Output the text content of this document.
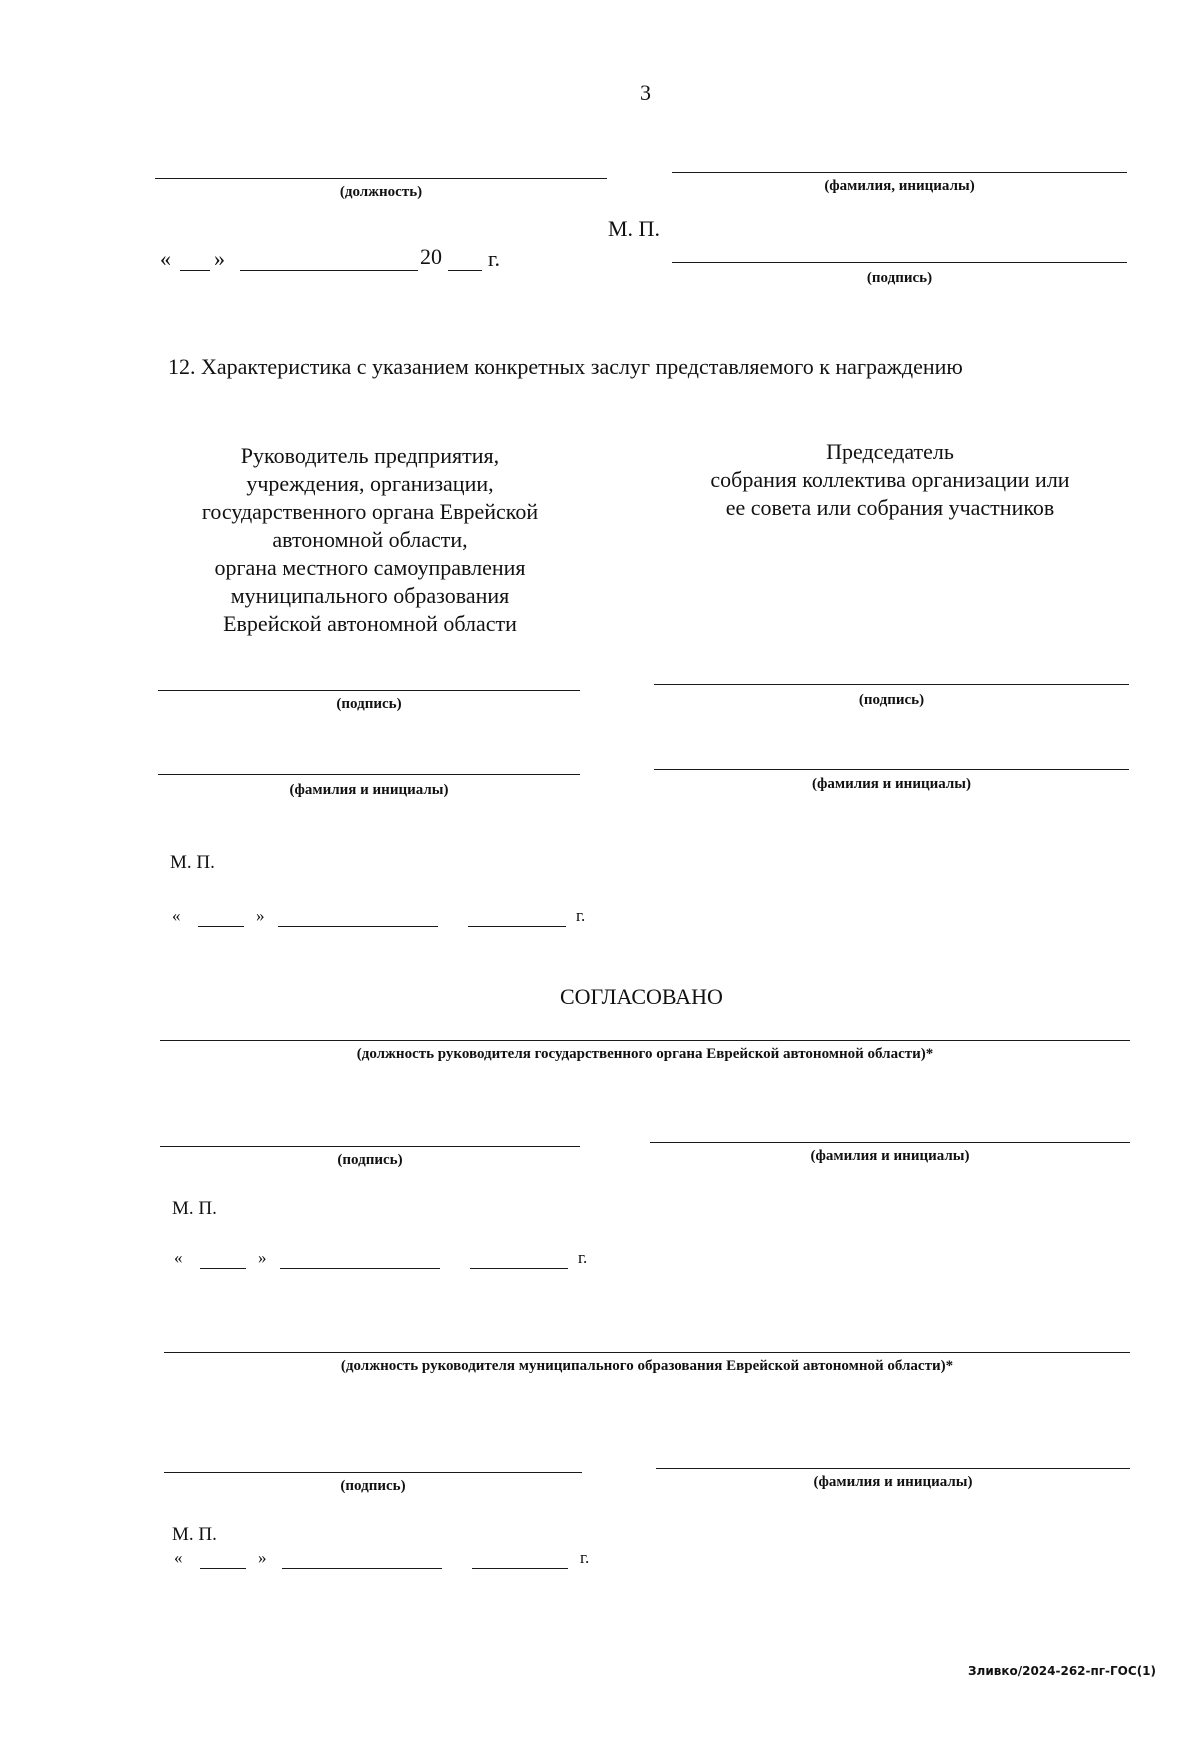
3
(должность)	(фамилия, инициалы)
М. П.
« »	20 г.
(подпись)
12. Характеристика с указанием конкретных заслуг представляемого к награждению
Руководитель предприятия,
учреждения, организации,
государственного органа Еврейской
автономной области,
органа местного самоуправления
муниципального образования
Еврейской автономной области
Председатель
собрания коллектива организации или
ее совета или собрания участников
(подпись)	(подпись)
(фамилия и инициалы)	(фамилия и инициалы)
М. П.
«	»	г.
СОГЛАСОВАНО
(должность руководителя государственного органа Еврейской автономной области)*
(подпись)	(фамилия и инициалы)
М. П.
«	»	г.
(должность руководителя муниципального образования Еврейской автономной области)*
(подпись)	(фамилия и инициалы)
М. П.
«	»	г.
Зливко/2024-262-пг-ГОС(1)
